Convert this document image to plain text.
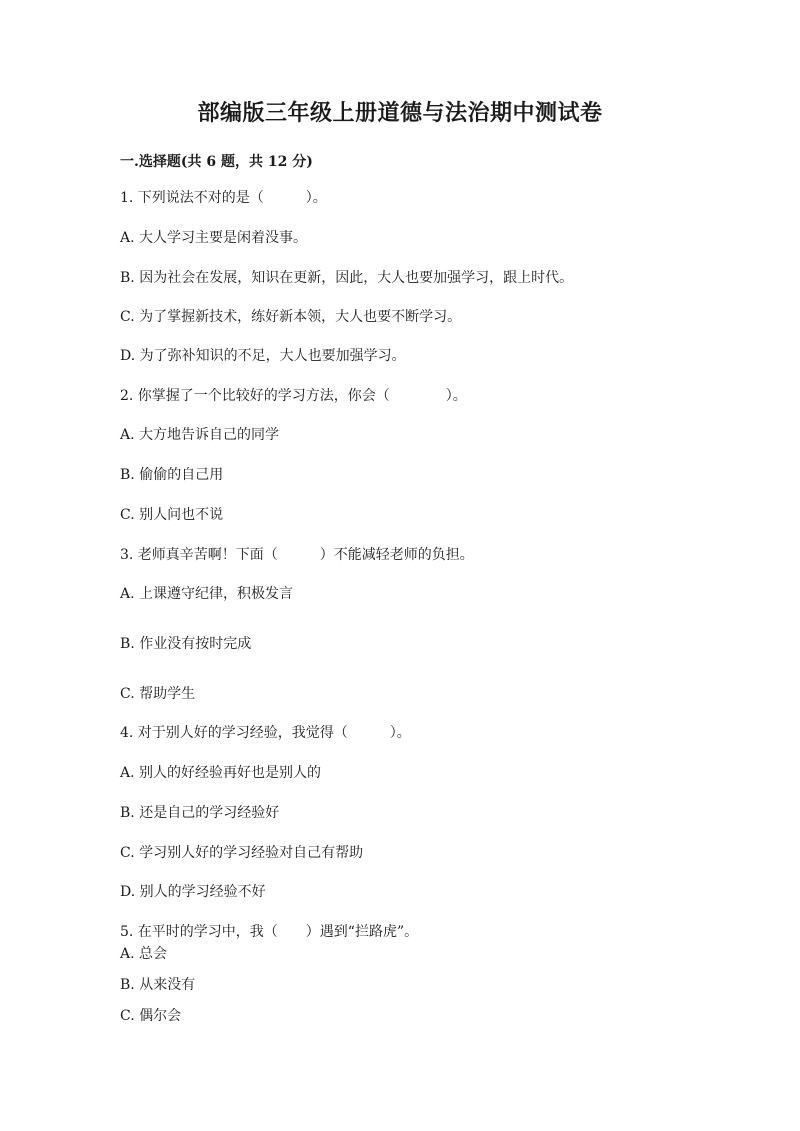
部编版三年级上册道德与法治期中测试卷
一.选择题(共 6 题，共 12 分)
1. 下列说法不对的是（　　　）。
A. 大人学习主要是闲着没事。
B. 因为社会在发展，知识在更新，因此，大人也要加强学习，跟上时代。
C. 为了掌握新技术，练好新本领，大人也要不断学习。
D. 为了弥补知识的不足，大人也要加强学习。
2. 你掌握了一个比较好的学习方法，你会（　　　　）。
A. 大方地告诉自己的同学
B. 偷偷的自己用
C. 别人问也不说
3. 老师真辛苦啊！下面（　　　）不能减轻老师的负担。
A. 上课遵守纪律，积极发言
B. 作业没有按时完成
C. 帮助学生
4. 对于别人好的学习经验，我觉得（　　　）。
A. 别人的好经验再好也是别人的
B. 还是自己的学习经验好
C. 学习别人好的学习经验对自己有帮助
D. 别人的学习经验不好
5. 在平时的学习中，我（　　）遇到“拦路虎”。
A. 总会
B. 从来没有
C. 偶尔会
